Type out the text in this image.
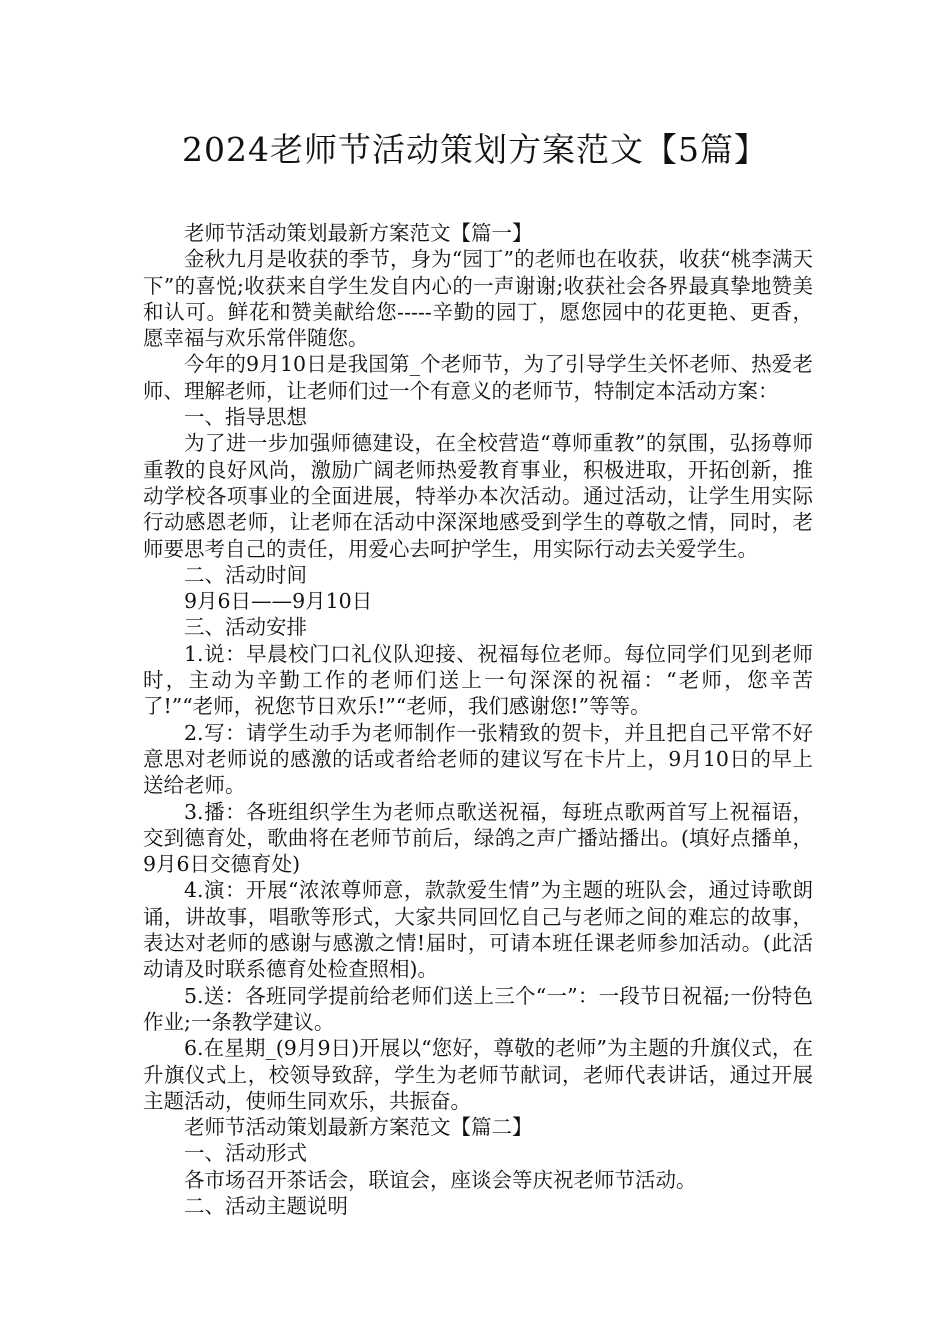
2024老师节活动策划方案范文【5篇】

老师节活动策划最新方案范文【篇一】

金秋九月是收获的季节，身为“园丁”的老师也在收获，收获“桃李满天下”的喜悦;收获来自学生发自内心的一声谢谢;收获社会各界最真挚地赞美和认可。鲜花和赞美献给您-----辛勤的园丁，愿您园中的花更艳、更香，愿幸福与欢乐常伴随您。

今年的9月10日是我国第_个老师节，为了引导学生关怀老师、热爱老师、理解老师，让老师们过一个有意义的老师节，特制定本活动方案：

一、指导思想

为了进一步加强师德建设，在全校营造“尊师重教”的氛围，弘扬尊师重教的良好风尚，激励广阔老师热爱教育事业，积极进取，开拓创新，推动学校各项事业的全面进展，特举办本次活动。通过活动，让学生用实际行动感恩老师，让老师在活动中深深地感受到学生的尊敬之情，同时，老师要思考自己的责任，用爱心去呵护学生，用实际行动去关爱学生。

二、活动时间

9月6日——9月10日

三、活动安排

1.说：早晨校门口礼仪队迎接、祝福每位老师。每位同学们见到老师时，主动为辛勤工作的老师们送上一句深深的祝福：“老师，您辛苦了!”“老师，祝您节日欢乐!”“老师，我们感谢您!”等等。

2.写：请学生动手为老师制作一张精致的贺卡，并且把自己平常不好意思对老师说的感激的话或者给老师的建议写在卡片上，9月10日的早上送给老师。

3.播：各班组织学生为老师点歌送祝福，每班点歌两首写上祝福语，交到德育处，歌曲将在老师节前后，绿鸽之声广播站播出。(填好点播单，9月6日交德育处)

4.演：开展“浓浓尊师意，款款爱生情”为主题的班队会，通过诗歌朗诵，讲故事，唱歌等形式，大家共同回忆自己与老师之间的难忘的故事，表达对老师的感谢与感激之情!届时，可请本班任课老师参加活动。(此活动请及时联系德育处检查照相)。

5.送：各班同学提前给老师们送上三个“一”：一段节日祝福;一份特色作业;一条教学建议。

6.在星期_(9月9日)开展以“您好，尊敬的老师”为主题的升旗仪式，在升旗仪式上，校领导致辞，学生为老师节献词，老师代表讲话，通过开展主题活动，使师生同欢乐，共振奋。

老师节活动策划最新方案范文【篇二】

一、活动形式

各市场召开茶话会，联谊会，座谈会等庆祝老师节活动。

二、活动主题说明
